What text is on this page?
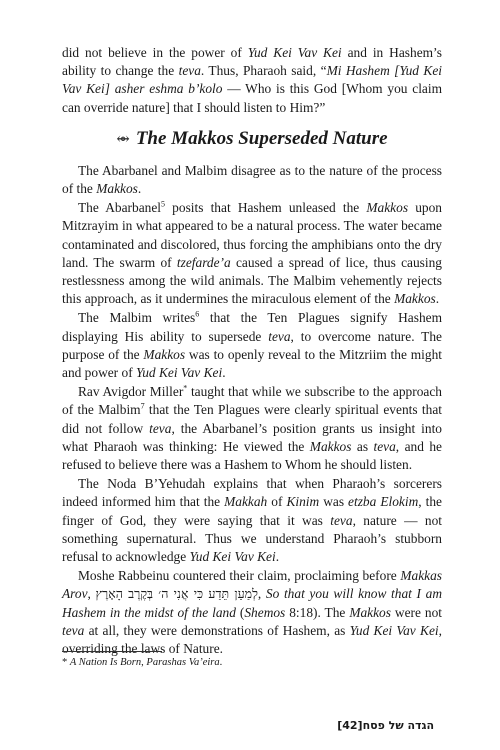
did not believe in the power of Yud Kei Vav Kei and in Hashem’s ability to change the teva. Thus, Pharaoh said, “Mi Hashem [Yud Kei Vav Kei] asher eshma b’kolo — Who is this God [Whom you claim can override nature] that I should listen to Him?”

⥈ The Makkos Superseded Nature

The Abarbanel and Malbim disagree as to the nature of the process of the Makkos.

The Abarbanel$^5$ posits that Hashem unleased the Makkos upon Mitzrayim in what appeared to be a natural process. The water became contaminated and discolored, thus forcing the amphibians onto the dry land. The swarm of tzefarde’a caused a spread of lice, thus causing restlessness among the wild animals. The Malbim vehemently rejects this approach, as it undermines the miraculous element of the Makkos.

The Malbim writes$^6$ that the Ten Plagues signify Hashem displaying His ability to supersede teva, to overcome nature. The purpose of the Makkos was to openly reveal to the Mitzriim the might and power of Yud Kei Vav Kei.

Rav Avigdor Miller* taught that while we subscribe to the approach of the Malbim$^7$ that the Ten Plagues were clearly spiritual events that did not follow teva, the Abarbanel’s position grants us insight into what Pharaoh was thinking: He viewed the Makkos as teva, and he refused to believe there was a Hashem to Whom he should listen.

The Noda B’Yehudah explains that when Pharaoh’s sorcerers indeed informed him that the Makkah of Kinim was etzba Elokim, the finger of God, they were saying that it was teva, nature — not something supernatural. Thus we understand Pharaoh’s stubborn refusal to acknowledge Yud Kei Vav Kei.

Moshe Rabbeinu countered their claim, proclaiming before Makkas Arov, לְמַעַן תֵּדַע כִּי אֲנִי ה׳ בְּקֶרֶב הָאָרֶץ, So that you will know that I am Hashem in the midst of the land (Shemos 8:18). The Makkos were not teva at all, they were demonstrations of Hashem, as Yud Kei Vav Kei, overriding the laws of Nature.

* A Nation Is Born, Parashas Va’eira.
הגדה של פסח[42]
